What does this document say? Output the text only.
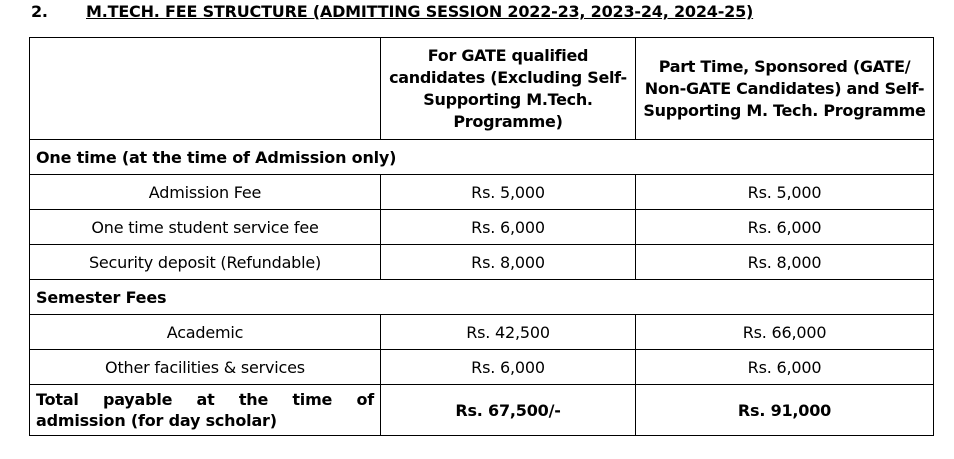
2. M.TECH. FEE STRUCTURE (ADMITTING SESSION 2022-23, 2023-24, 2024-25)
	For GATE qualified candidates (Excluding Self-Supporting M.Tech. Programme)	Part Time, Sponsored (GATE/ Non-GATE Candidates) and Self-Supporting M. Tech. Programme
One time (at the time of Admission only)		
Admission Fee	Rs. 5,000	Rs. 5,000
One time student service fee	Rs. 6,000	Rs. 6,000
Security deposit (Refundable)	Rs. 8,000	Rs. 8,000
Semester Fees		
Academic	Rs. 42,500	Rs. 66,000
Other facilities & services	Rs. 6,000	Rs. 6,000
Total payable at the time of admission (for day scholar)	Rs. 67,500/-	Rs. 91,000
